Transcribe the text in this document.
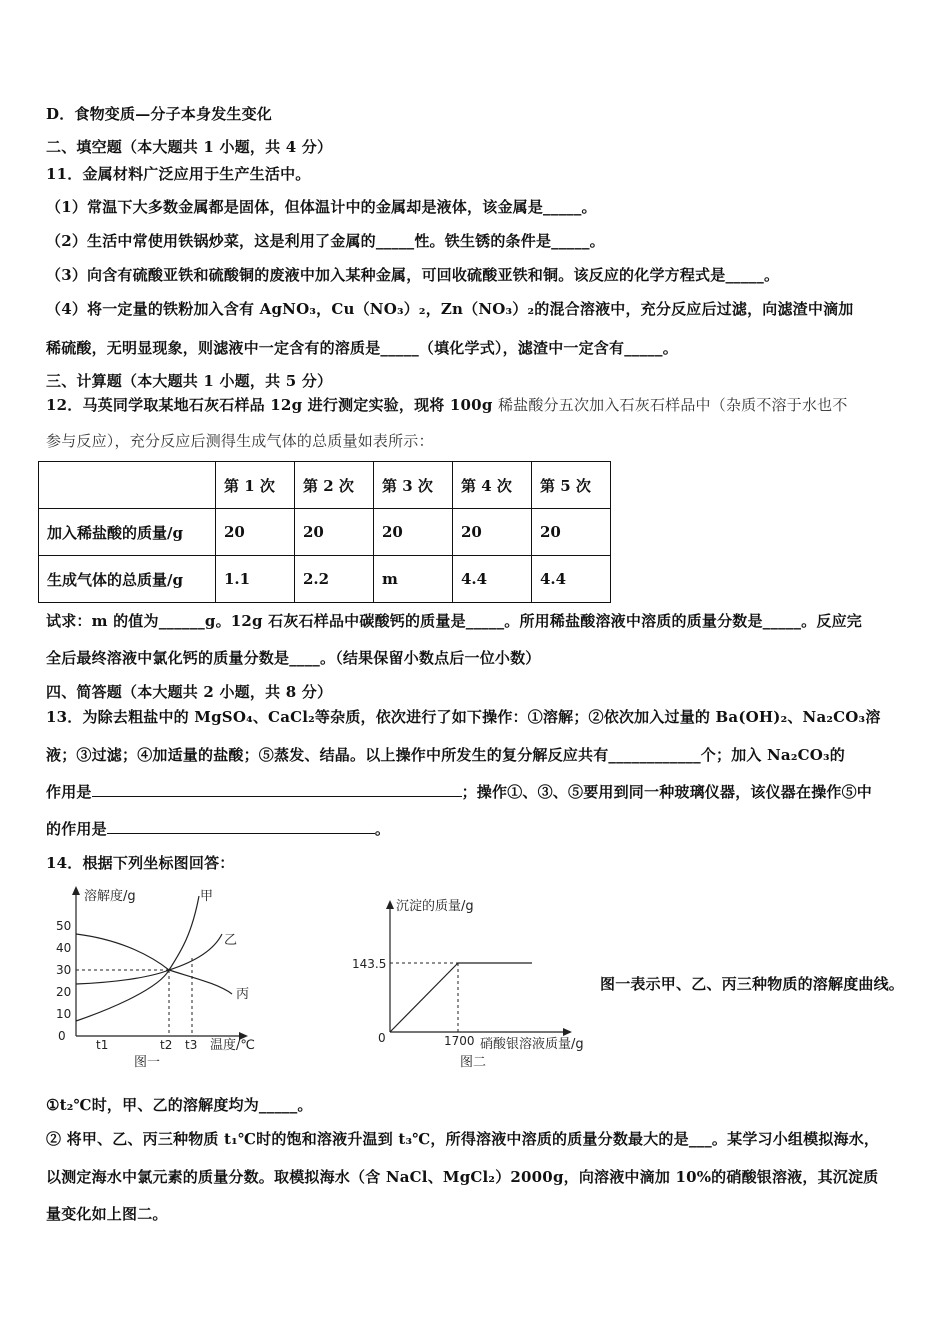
D．食物变质—分子本身发生变化
二、填空题（本大题共 1 小题，共 4 分）
11．金属材料广泛应用于生产生活中。
（1）常温下大多数金属都是固体，但体温计中的金属却是液体，该金属是_____。
（2）生活中常使用铁锅炒菜，这是利用了金属的_____性。铁生锈的条件是_____。
（3）向含有硫酸亚铁和硫酸铜的废液中加入某种金属，可回收硫酸亚铁和铜。该反应的化学方程式是_____。
（4）将一定量的铁粉加入含有 AgNO₃，Cu（NO₃）₂，Zn（NO₃）₂的混合溶液中，充分反应后过滤，向滤渣中滴加
稀硫酸，无明显现象，则滤液中一定含有的溶质是_____（填化学式），滤渣中一定含有_____。
三、计算题（本大题共 1 小题，共 5 分）
12．马英同学取某地石灰石样品 12g 进行测定实验，现将 100g 稀盐酸分五次加入石灰石样品中（杂质不溶于水也不
参与反应），充分反应后测得生成气体的总质量如表所示：
	第 1 次	第 2 次	第 3 次	第 4 次	第 5 次
加入稀盐酸的质量/g	20	20	20	20	20
生成气体的总质量/g	1.1	2.2	m	4.4	4.4
试求：m 的值为______g。12g 石灰石样品中碳酸钙的质量是_____。所用稀盐酸溶液中溶质的质量分数是_____。反应完
全后最终溶液中氯化钙的质量分数是____。（结果保留小数点后一位小数）
四、简答题（本大题共 2 小题，共 8 分）
13．为除去粗盐中的 MgSO₄、CaCl₂等杂质，依次进行了如下操作：①溶解；②依次加入过量的 Ba(OH)₂、Na₂CO₃溶
液；③过滤；④加适量的盐酸；⑤蒸发、结晶。以上操作中所发生的复分解反应共有____________个；加入 Na₂CO₃的
作用是	；操作①、③、⑤要用到同一种玻璃仪器，该仪器在操作⑤中
的作用是	。
14．根据下列坐标图回答：
溶解度/g
温度/℃
0
10
20
30
40
50
甲
乙
丙
t1	t2 t3
图一
沉淀的质量/g
0
143.5
1700 硝酸银溶液质量/g
图二
图一表示甲、乙、丙三种物质的溶解度曲线。
①t₂℃时，甲、乙的溶解度均为_____。
② 将甲、乙、丙三种物质 t₁℃时的饱和溶液升温到 t₃℃，所得溶液中溶质的质量分数最大的是___。某学习小组模拟海水，
以测定海水中氯元素的质量分数。取模拟海水（含 NaCl、MgCl₂）2000g，向溶液中滴加 10%的硝酸银溶液，其沉淀质
量变化如上图二。
